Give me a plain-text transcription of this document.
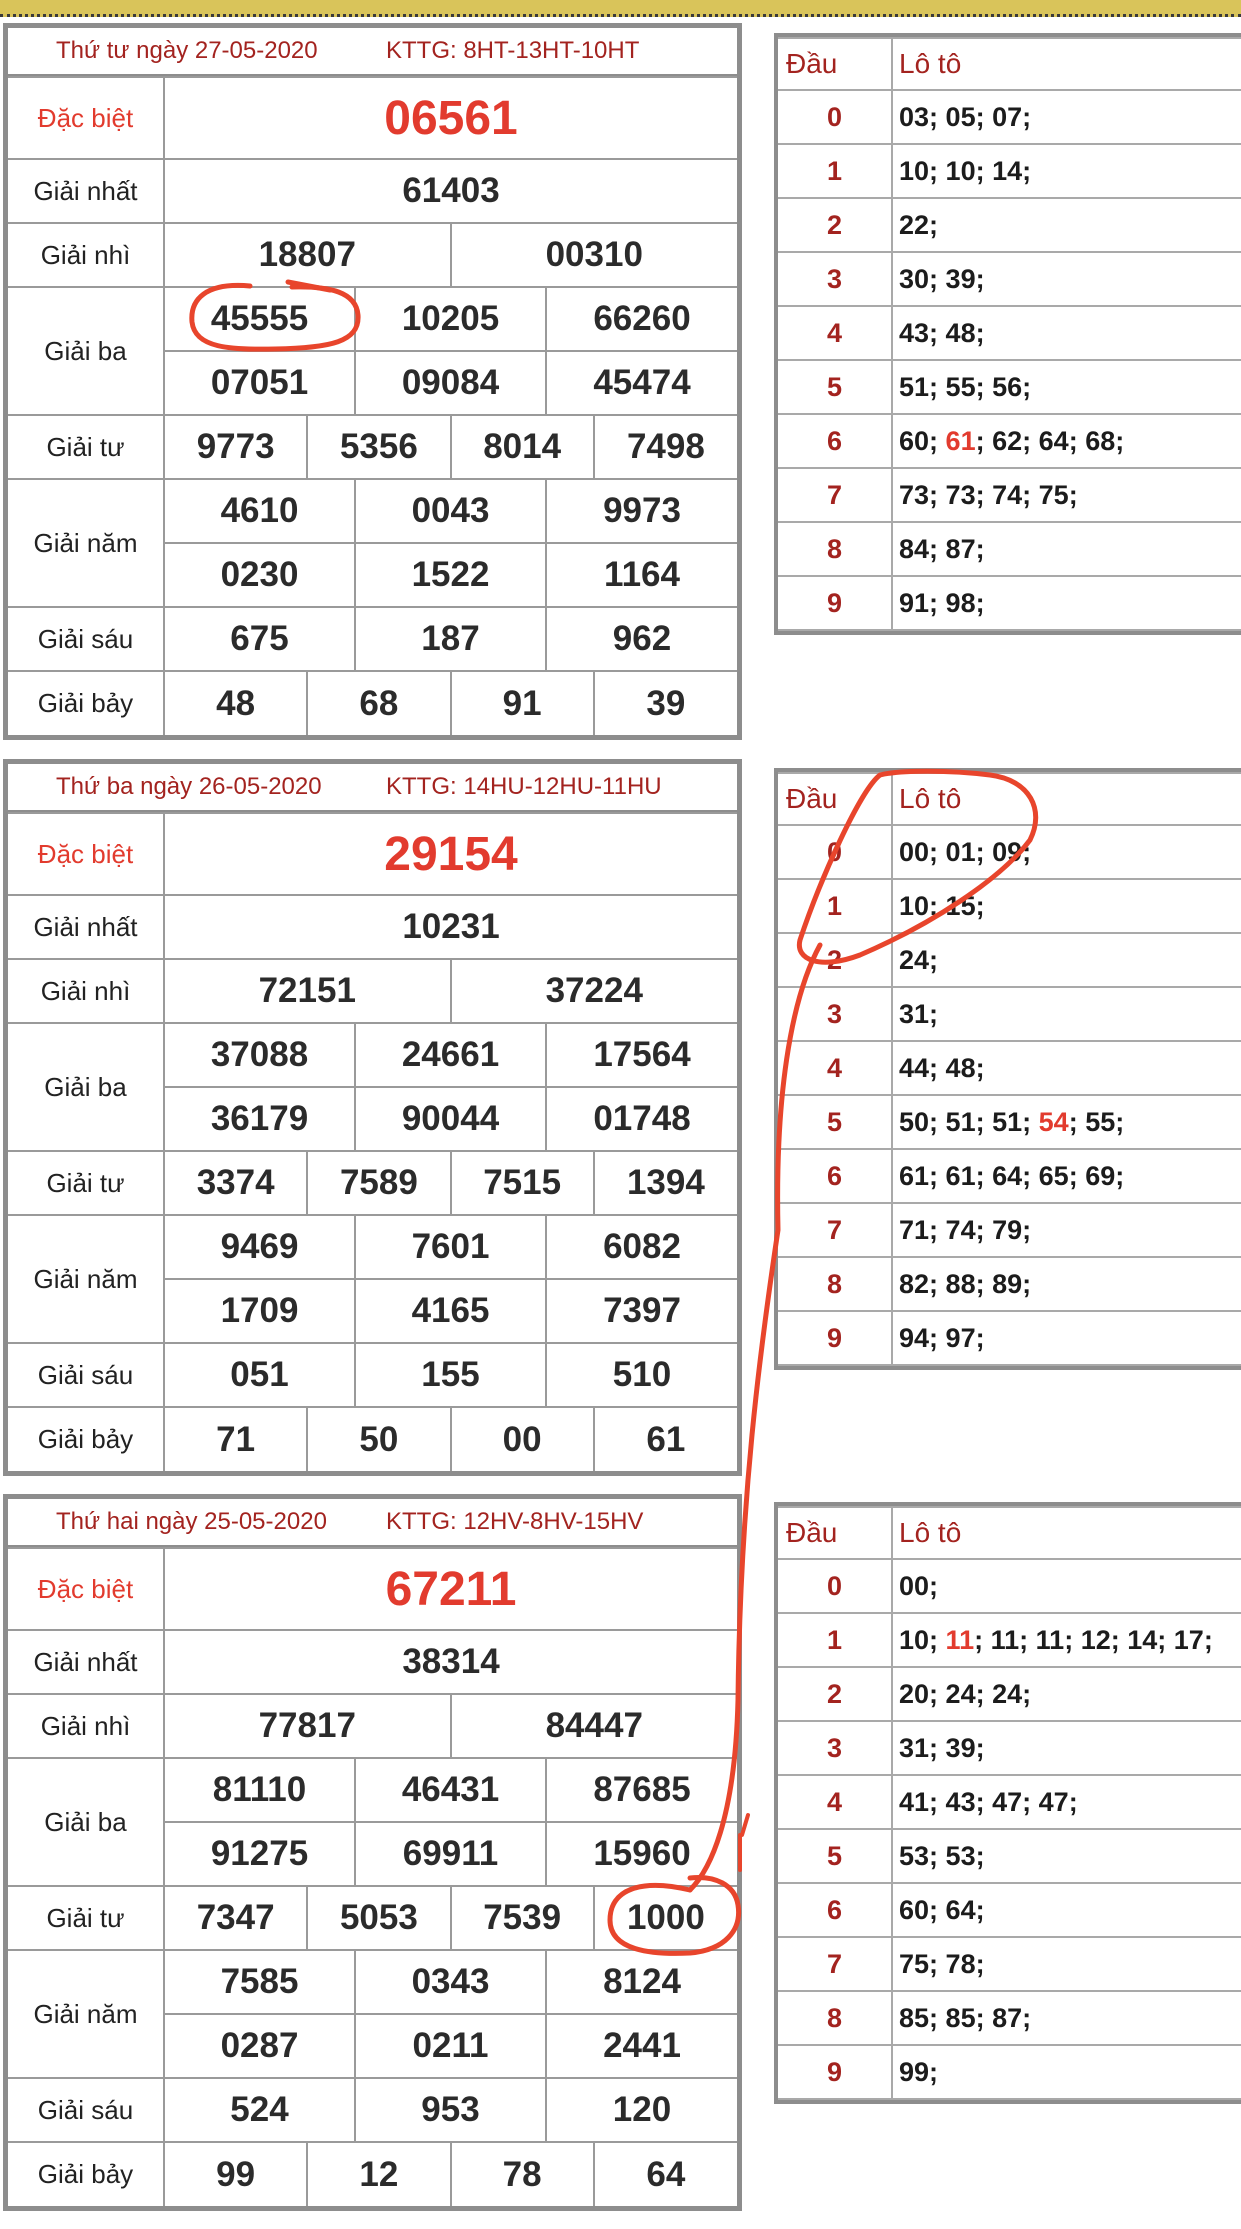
Thứ tư ngày 27-05-2020	KTTG: 8HT-13HT-10HT
Đặc biệt	06561					
Giải nhất	61403					
Giải nhì	18807			00310		
Giải ba	45555		10205		66260	
	07051		09084		45474	
Giải tư	9773	5356		8014		7498
Giải năm	4610		0043		9973	
	0230		1522		1164	
Giải sáu	675		187		962	
Giải bảy	48	68		91		39
Đầu	Lô tô
0	03; 05; 07;
1	10; 10; 14;
2	22;
3	30; 39;
4	43; 48;
5	51; 55; 56;
6	60; 61; 62; 64; 68;
7	73; 73; 74; 75;
8	84; 87;
9	91; 98;
Thứ ba ngày 26-05-2020	KTTG: 14HU-12HU-11HU
Đặc biệt	29154					
Giải nhất	10231					
Giải nhì	72151			37224		
Giải ba	37088		24661		17564	
	36179		90044		01748	
Giải tư	3374	7589		7515		1394
Giải năm	9469		7601		6082	
	1709		4165		7397	
Giải sáu	051		155		510	
Giải bảy	71	50		00		61
Đầu	Lô tô
0	00; 01; 09;
1	10; 15;
2	24;
3	31;
4	44; 48;
5	50; 51; 51; 54; 55;
6	61; 61; 64; 65; 69;
7	71; 74; 79;
8	82; 88; 89;
9	94; 97;
Thứ hai ngày 25-05-2020	KTTG: 12HV-8HV-15HV
Đặc biệt	67211					
Giải nhất	38314					
Giải nhì	77817			84447		
Giải ba	81110		46431		87685	
	91275		69911		15960	
Giải tư	7347	5053		7539		1000
Giải năm	7585		0343		8124	
	0287		0211		2441	
Giải sáu	524		953		120	
Giải bảy	99	12		78		64
Đầu	Lô tô
0	00;
1	10; 11; 11; 11; 12; 14; 17;
2	20; 24; 24;
3	31; 39;
4	41; 43; 47; 47;
5	53; 53;
6	60; 64;
7	75; 78;
8	85; 85; 87;
9	99;
